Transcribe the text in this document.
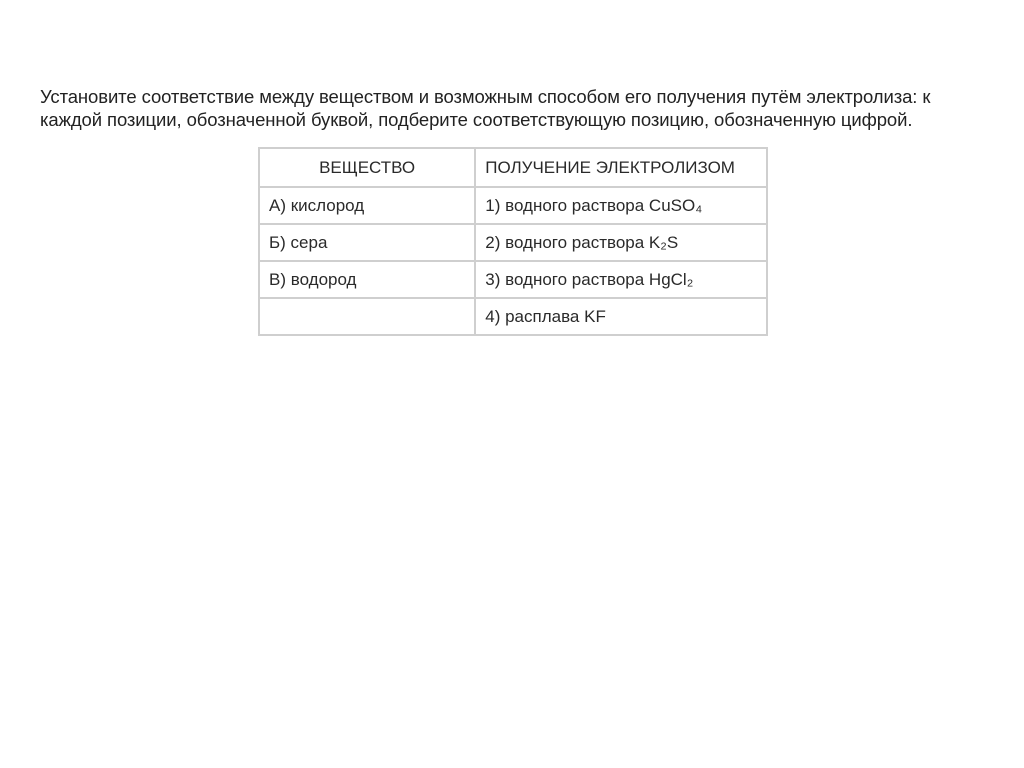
Установите соответствие между веществом и возможным способом его получения путём электролиза: к каждой позиции, обозначенной буквой, подберите соответствующую позицию, обозначенную цифрой.
ВЕЩЕСТВО	ПОЛУЧЕНИЕ ЭЛЕКТРОЛИЗОМ
А) кислород	1) водного раствора CuSO₄
Б) сера	2) водного раствора K₂S
В) водород	3) водного раствора HgCl₂
	4) расплава KF
